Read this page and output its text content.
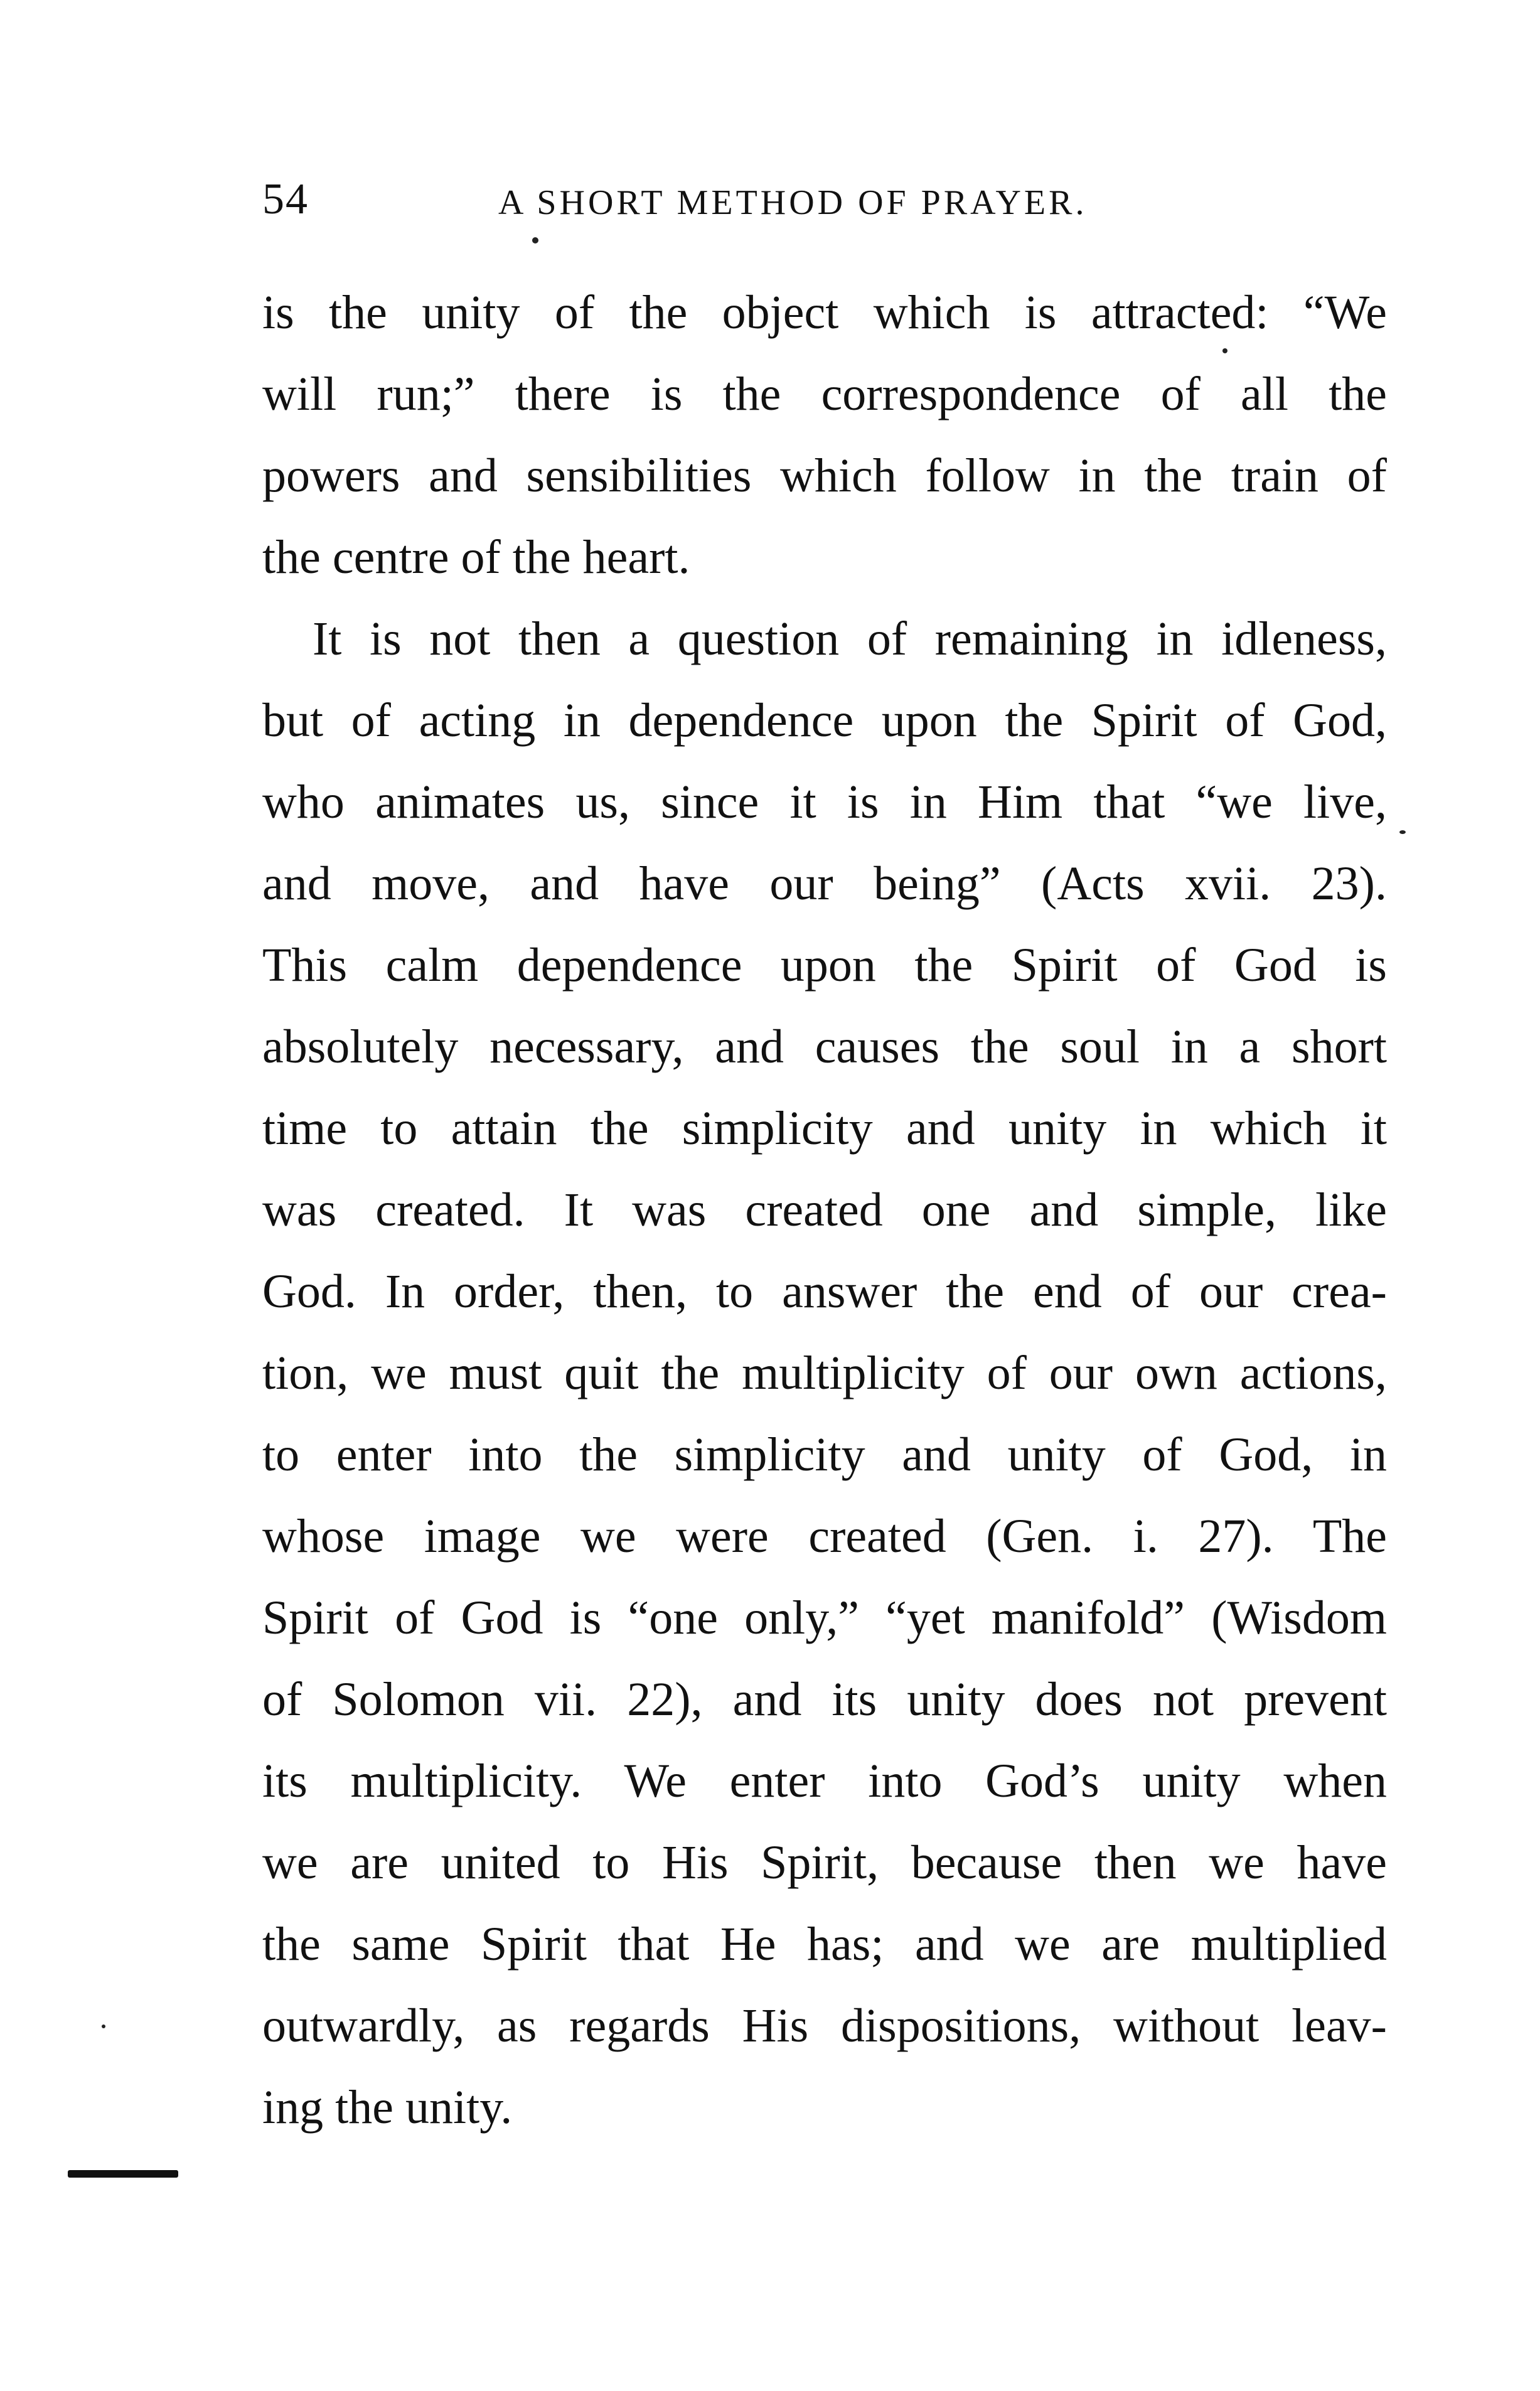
54	A SHORT METHOD OF PRAYER.
is the unity of the object which is attracted: “We
will run;” there is the correspondence of all the
powers and sensibilities which follow in the train of
the centre of the heart.
It is not then a question of remaining in idleness,
but of acting in dependence upon the Spirit of God,
who animates us, since it is in Him that “we live,
and move, and have our being” (Acts xvii. 23).
This calm dependence upon the Spirit of God is
absolutely necessary, and causes the soul in a short
time to attain the simplicity and unity in which it
was created. It was created one and simple, like
God. In order, then, to answer the end of our crea-
tion, we must quit the multiplicity of our own actions,
to enter into the simplicity and unity of God, in
whose image we were created (Gen. i. 27). The
Spirit of God is “one only,” “yet manifold” (Wisdom
of Solomon vii. 22), and its unity does not prevent
its multiplicity. We enter into God’s unity when
we are united to His Spirit, because then we have
the same Spirit that He has; and we are multiplied
outwardly, as regards His dispositions, without leav-
ing the unity.
